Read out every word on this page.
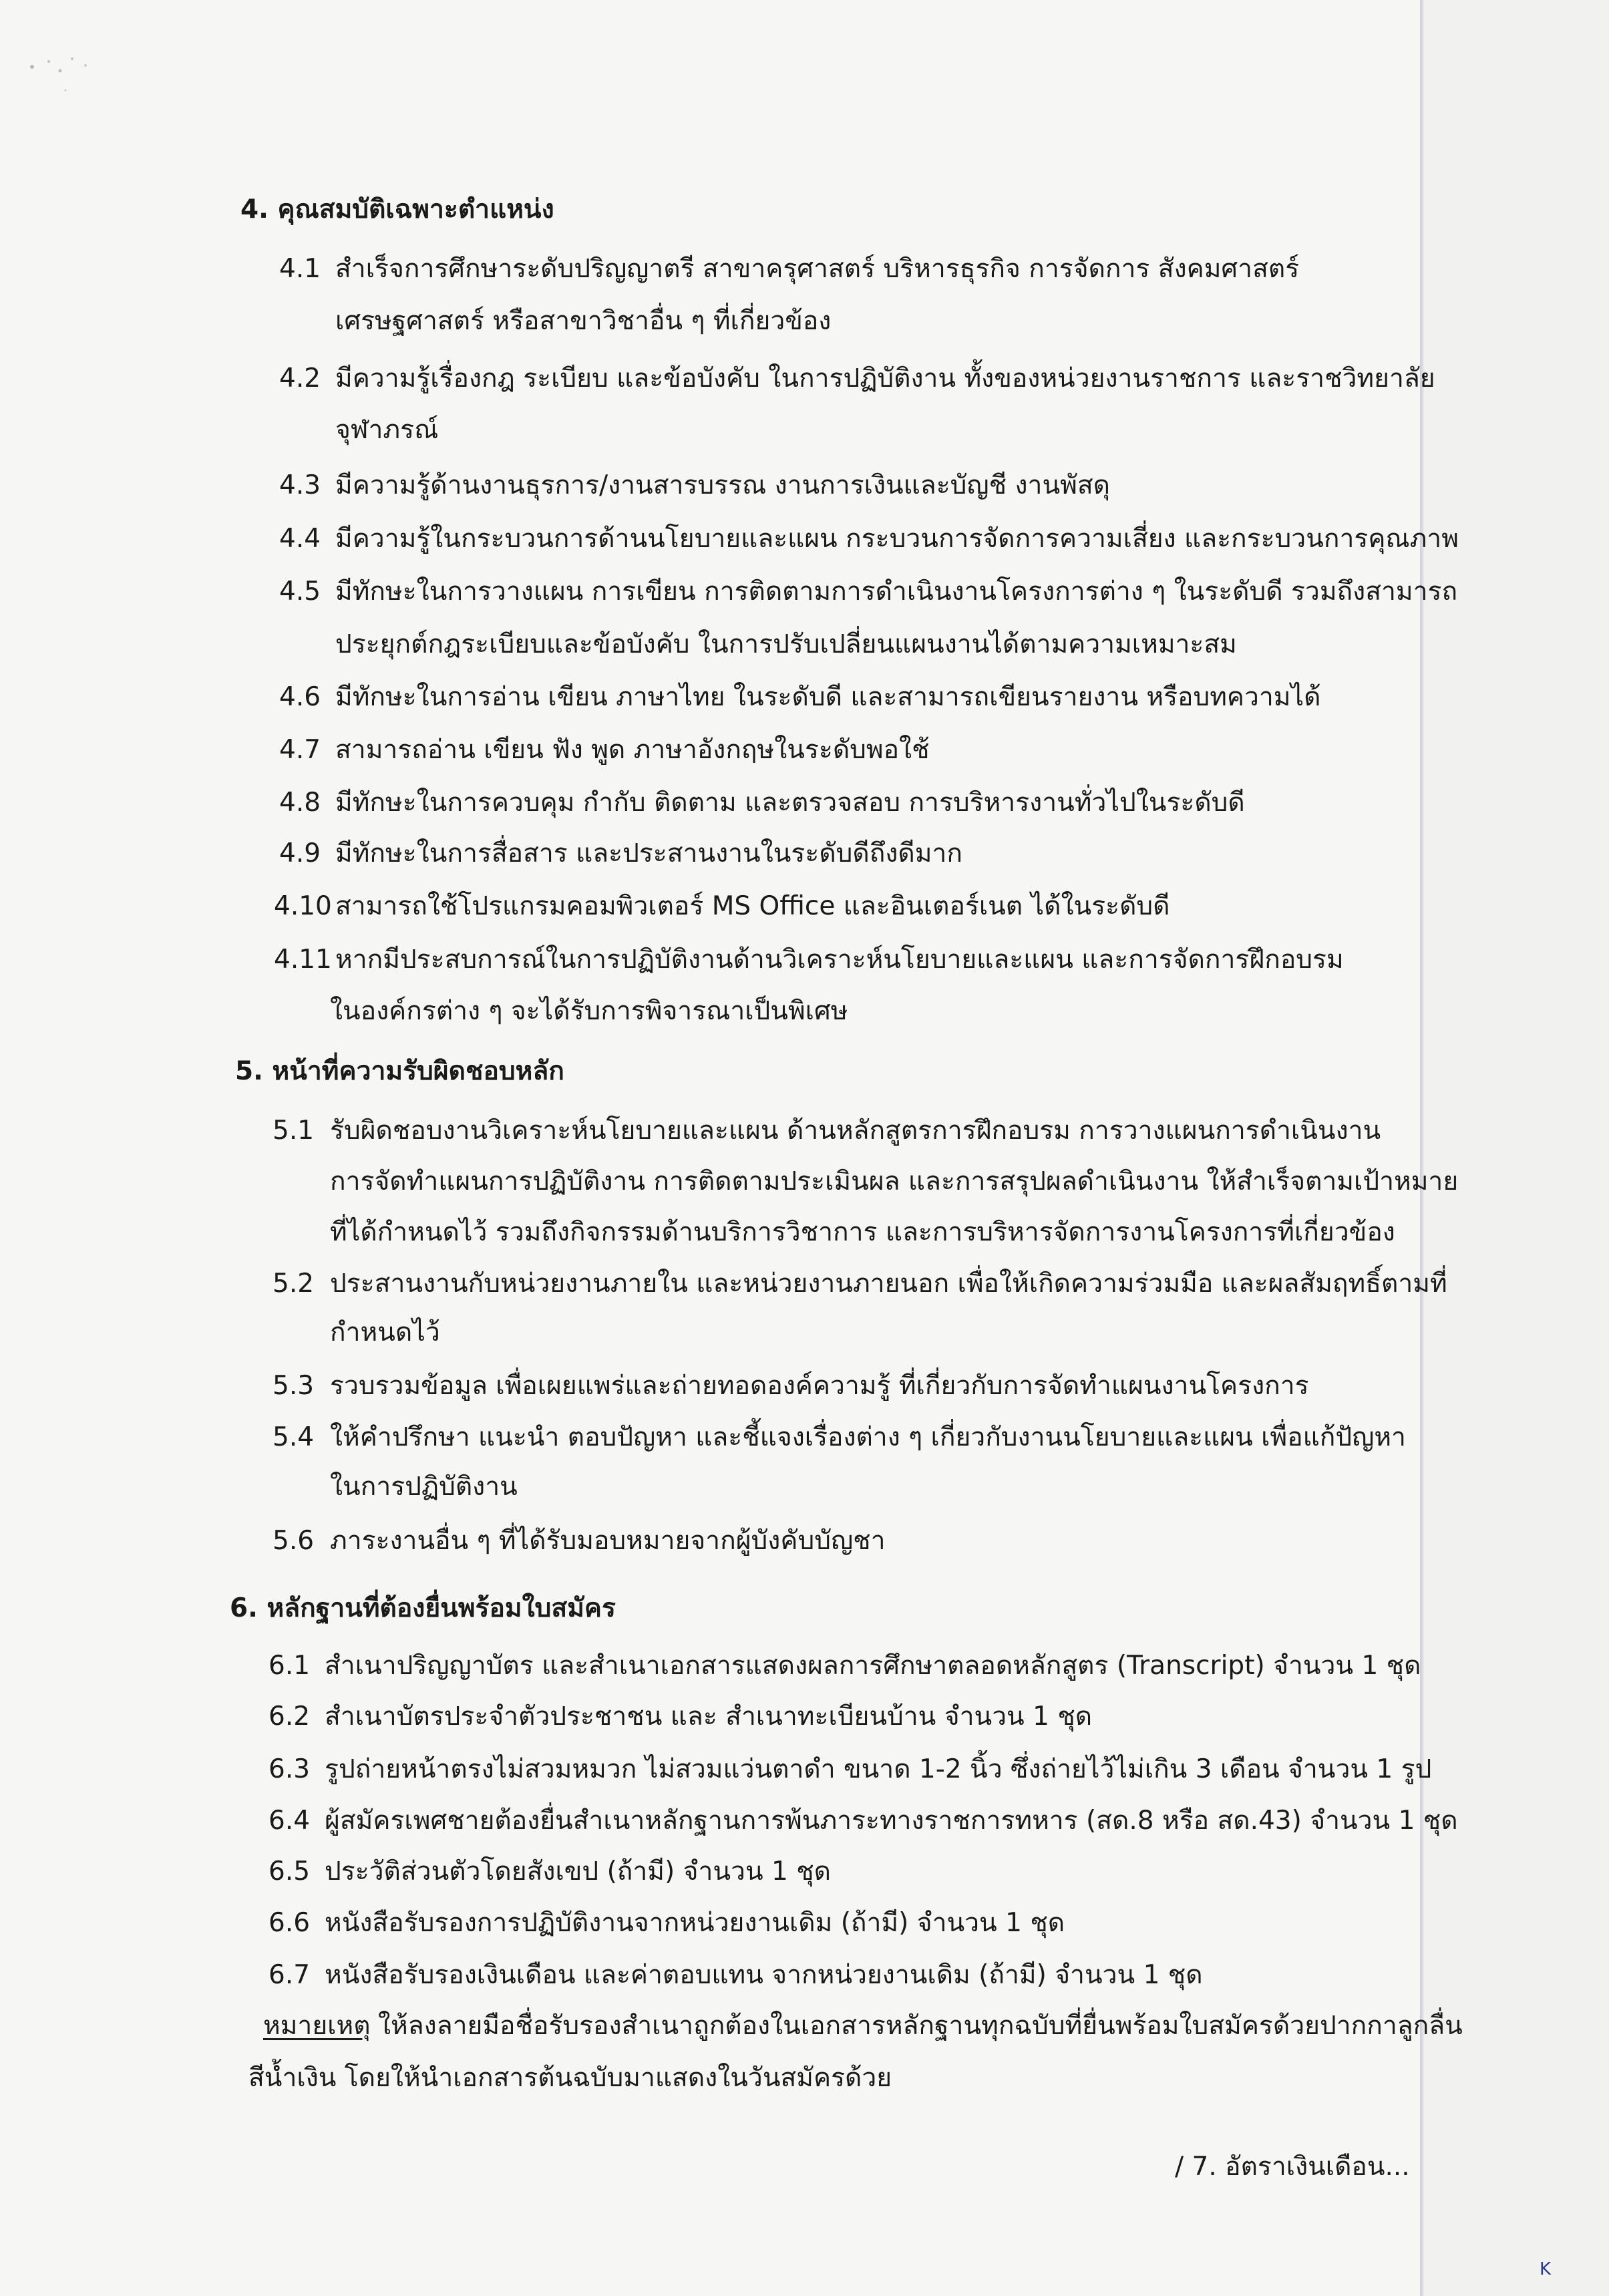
4. คุณสมบัติเฉพาะตำแหน่ง
4.1 สำเร็จการศึกษาระดับปริญญาตรี สาขาครุศาสตร์ บริหารธุรกิจ การจัดการ สังคมศาสตร์
เศรษฐศาสตร์ หรือสาขาวิชาอื่น ๆ ที่เกี่ยวข้อง
4.2 มีความรู้เรื่องกฎ ระเบียบ และข้อบังคับ ในการปฏิบัติงาน ทั้งของหน่วยงานราชการ และราชวิทยาลัย
จุฬาภรณ์
4.3 มีความรู้ด้านงานธุรการ/งานสารบรรณ งานการเงินและบัญชี งานพัสดุ
4.4 มีความรู้ในกระบวนการด้านนโยบายและแผน กระบวนการจัดการความเสี่ยง และกระบวนการคุณภาพ
4.5 มีทักษะในการวางแผน การเขียน การติดตามการดำเนินงานโครงการต่าง ๆ ในระดับดี รวมถึงสามารถ
ประยุกต์กฎระเบียบและข้อบังคับ ในการปรับเปลี่ยนแผนงานได้ตามความเหมาะสม
4.6 มีทักษะในการอ่าน เขียน ภาษาไทย ในระดับดี และสามารถเขียนรายงาน หรือบทความได้
4.7 สามารถอ่าน เขียน ฟัง พูด ภาษาอังกฤษในระดับพอใช้
4.8 มีทักษะในการควบคุม กำกับ ติดตาม และตรวจสอบ การบริหารงานทั่วไปในระดับดี
4.9 มีทักษะในการสื่อสาร และประสานงานในระดับดีถึงดีมาก
4.10 สามารถใช้โปรแกรมคอมพิวเตอร์ MS Office และอินเตอร์เนต ได้ในระดับดี
4.11 หากมีประสบการณ์ในการปฏิบัติงานด้านวิเคราะห์นโยบายและแผน และการจัดการฝึกอบรม
ในองค์กรต่าง ๆ จะได้รับการพิจารณาเป็นพิเศษ
5. หน้าที่ความรับผิดชอบหลัก
5.1 รับผิดชอบงานวิเคราะห์นโยบายและแผน ด้านหลักสูตรการฝึกอบรม การวางแผนการดำเนินงาน
การจัดทำแผนการปฏิบัติงาน การติดตามประเมินผล และการสรุปผลดำเนินงาน ให้สำเร็จตามเป้าหมาย
ที่ได้กำหนดไว้ รวมถึงกิจกรรมด้านบริการวิชาการ และการบริหารจัดการงานโครงการที่เกี่ยวข้อง
5.2 ประสานงานกับหน่วยงานภายใน และหน่วยงานภายนอก เพื่อให้เกิดความร่วมมือ และผลสัมฤทธิ์ตามที่
กำหนดไว้
5.3 รวบรวมข้อมูล เพื่อเผยแพร่และถ่ายทอดองค์ความรู้ ที่เกี่ยวกับการจัดทำแผนงานโครงการ
5.4 ให้คำปรึกษา แนะนำ ตอบปัญหา และชี้แจงเรื่องต่าง ๆ เกี่ยวกับงานนโยบายและแผน เพื่อแก้ปัญหา
ในการปฏิบัติงาน
5.6 ภาระงานอื่น ๆ ที่ได้รับมอบหมายจากผู้บังคับบัญชา
6. หลักฐานที่ต้องยื่นพร้อมใบสมัคร
6.1 สำเนาปริญญาบัตร และสำเนาเอกสารแสดงผลการศึกษาตลอดหลักสูตร (Transcript) จำนวน 1 ชุด
6.2 สำเนาบัตรประจำตัวประชาชน และ สำเนาทะเบียนบ้าน จำนวน 1 ชุด
6.3 รูปถ่ายหน้าตรงไม่สวมหมวก ไม่สวมแว่นตาดำ ขนาด 1-2 นิ้ว ซึ่งถ่ายไว้ไม่เกิน 3 เดือน จำนวน 1 รูป
6.4 ผู้สมัครเพศชายต้องยื่นสำเนาหลักฐานการพ้นภาระทางราชการทหาร (สด.8 หรือ สด.43) จำนวน 1 ชุด
6.5 ประวัติส่วนตัวโดยสังเขป (ถ้ามี) จำนวน 1 ชุด
6.6 หนังสือรับรองการปฏิบัติงานจากหน่วยงานเดิม (ถ้ามี) จำนวน 1 ชุด
6.7 หนังสือรับรองเงินเดือน และค่าตอบแทน จากหน่วยงานเดิม (ถ้ามี) จำนวน 1 ชุด
หมายเหตุ ให้ลงลายมือชื่อรับรองสำเนาถูกต้องในเอกสารหลักฐานทุกฉบับที่ยื่นพร้อมใบสมัครด้วยปากกาลูกลื่น
สีน้ำเงิน โดยให้นำเอกสารต้นฉบับมาแสดงในวันสมัครด้วย
/ 7. อัตราเงินเดือน...
K
